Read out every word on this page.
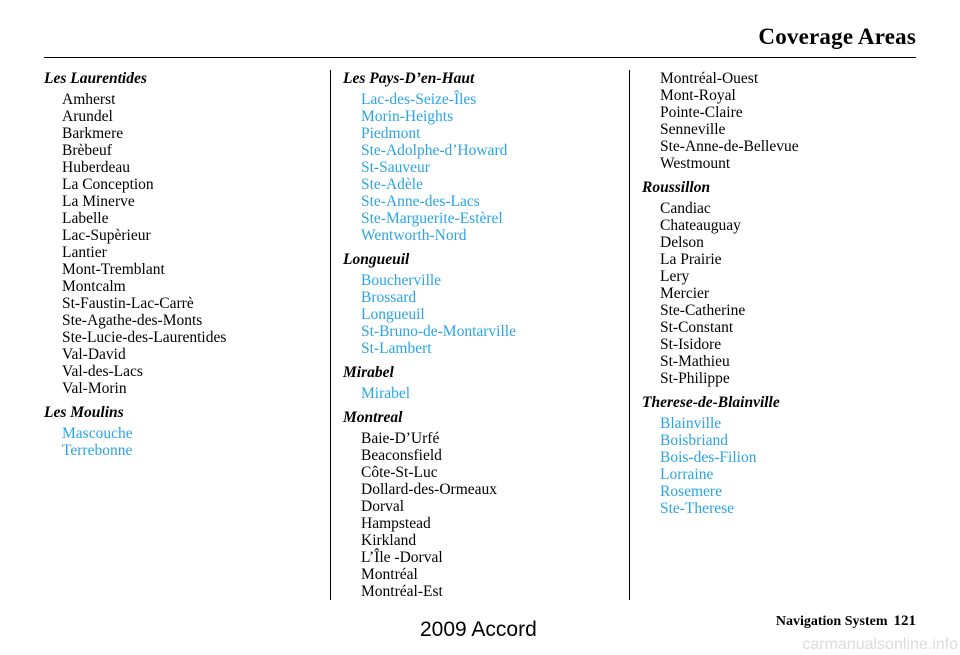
Coverage Areas
Les Laurentides
Amherst
Arundel
Barkmere
Brèbeuf
Huberdeau
La Conception
La Minerve
Labelle
Lac-Supèrieur
Lantier
Mont-Tremblant
Montcalm
St-Faustin-Lac-Carrè
Ste-Agathe-des-Monts
Ste-Lucie-des-Laurentides
Val-David
Val-des-Lacs
Val-Morin
Les Moulins
Mascouche
Terrebonne
Les Pays-D’en-Haut
Lac-des-Seize-Îles
Morin-Heights
Piedmont
Ste-Adolphe-d’Howard
St-Sauveur
Ste-Adèle
Ste-Anne-des-Lacs
Ste-Marguerite-Estèrel
Wentworth-Nord
Longueuil
Boucherville
Brossard
Longueuil
St-Bruno-de-Montarville
St-Lambert
Mirabel
Mirabel
Montreal
Baie-D’Urfé
Beaconsfield
Côte-St-Luc
Dollard-des-Ormeaux
Dorval
Hampstead
Kirkland
L’Île -Dorval
Montréal
Montréal-Est
Montréal-Ouest
Mont-Royal
Pointe-Claire
Senneville
Ste-Anne-de-Bellevue
Westmount
Roussillon
Candiac
Chateauguay
Delson
La Prairie
Lery
Mercier
Ste-Catherine
St-Constant
St-Isidore
St-Mathieu
St-Philippe
Therese-de-Blainville
Blainville
Boisbriand
Bois-des-Filion
Lorraine
Rosemere
Ste-Therese
Navigation System 121
2009 Accord
carmanualsonline.info
